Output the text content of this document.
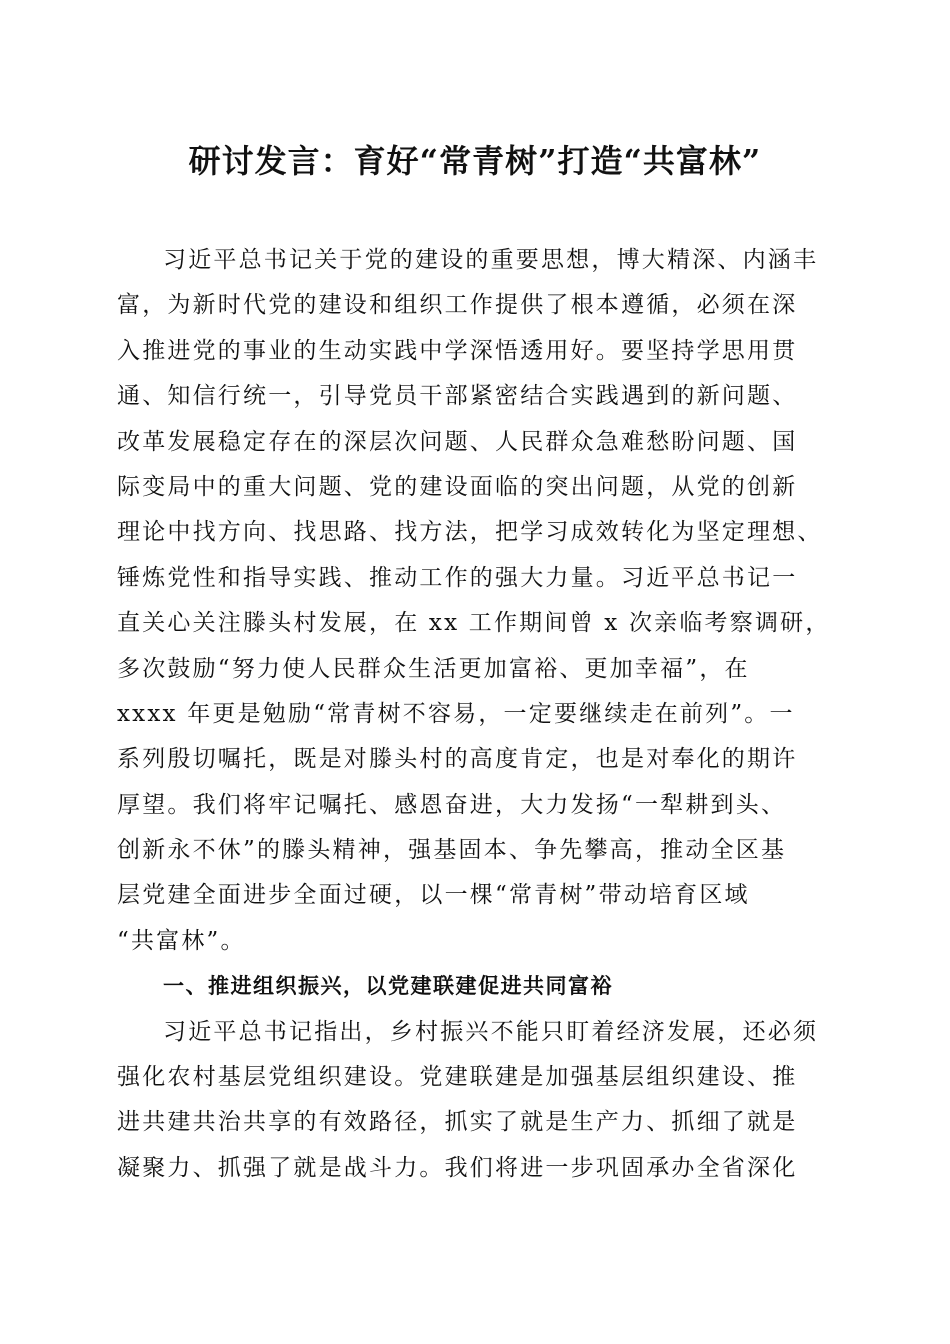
研讨发言：育好“常青树”打造“共富林”
习近平总书记关于党的建设的重要思想，博大精深、内涵丰
富，为新时代党的建设和组织工作提供了根本遵循，必须在深
入推进党的事业的生动实践中学深悟透用好。要坚持学思用贯
通、知信行统一，引导党员干部紧密结合实践遇到的新问题、
改革发展稳定存在的深层次问题、人民群众急难愁盼问题、国
际变局中的重大问题、党的建设面临的突出问题，从党的创新
理论中找方向、找思路、找方法，把学习成效转化为坚定理想、
锤炼党性和指导实践、推动工作的强大力量。习近平总书记一
直关心关注滕头村发展，在 xx 工作期间曾 x 次亲临考察调研，
多次鼓励“努力使人民群众生活更加富裕、更加幸福”，在
xxxx 年更是勉励“常青树不容易，一定要继续走在前列”。一
系列殷切嘱托，既是对滕头村的高度肯定，也是对奉化的期许
厚望。我们将牢记嘱托、感恩奋进，大力发扬“一犁耕到头、
创新永不休”的滕头精神，强基固本、争先攀高，推动全区基
层党建全面进步全面过硬，以一棵“常青树”带动培育区域
“共富林”。
一、推进组织振兴，以党建联建促进共同富裕
习近平总书记指出，乡村振兴不能只盯着经济发展，还必须
强化农村基层党组织建设。党建联建是加强基层组织建设、推
进共建共治共享的有效路径，抓实了就是生产力、抓细了就是
凝聚力、抓强了就是战斗力。我们将进一步巩固承办全省深化
